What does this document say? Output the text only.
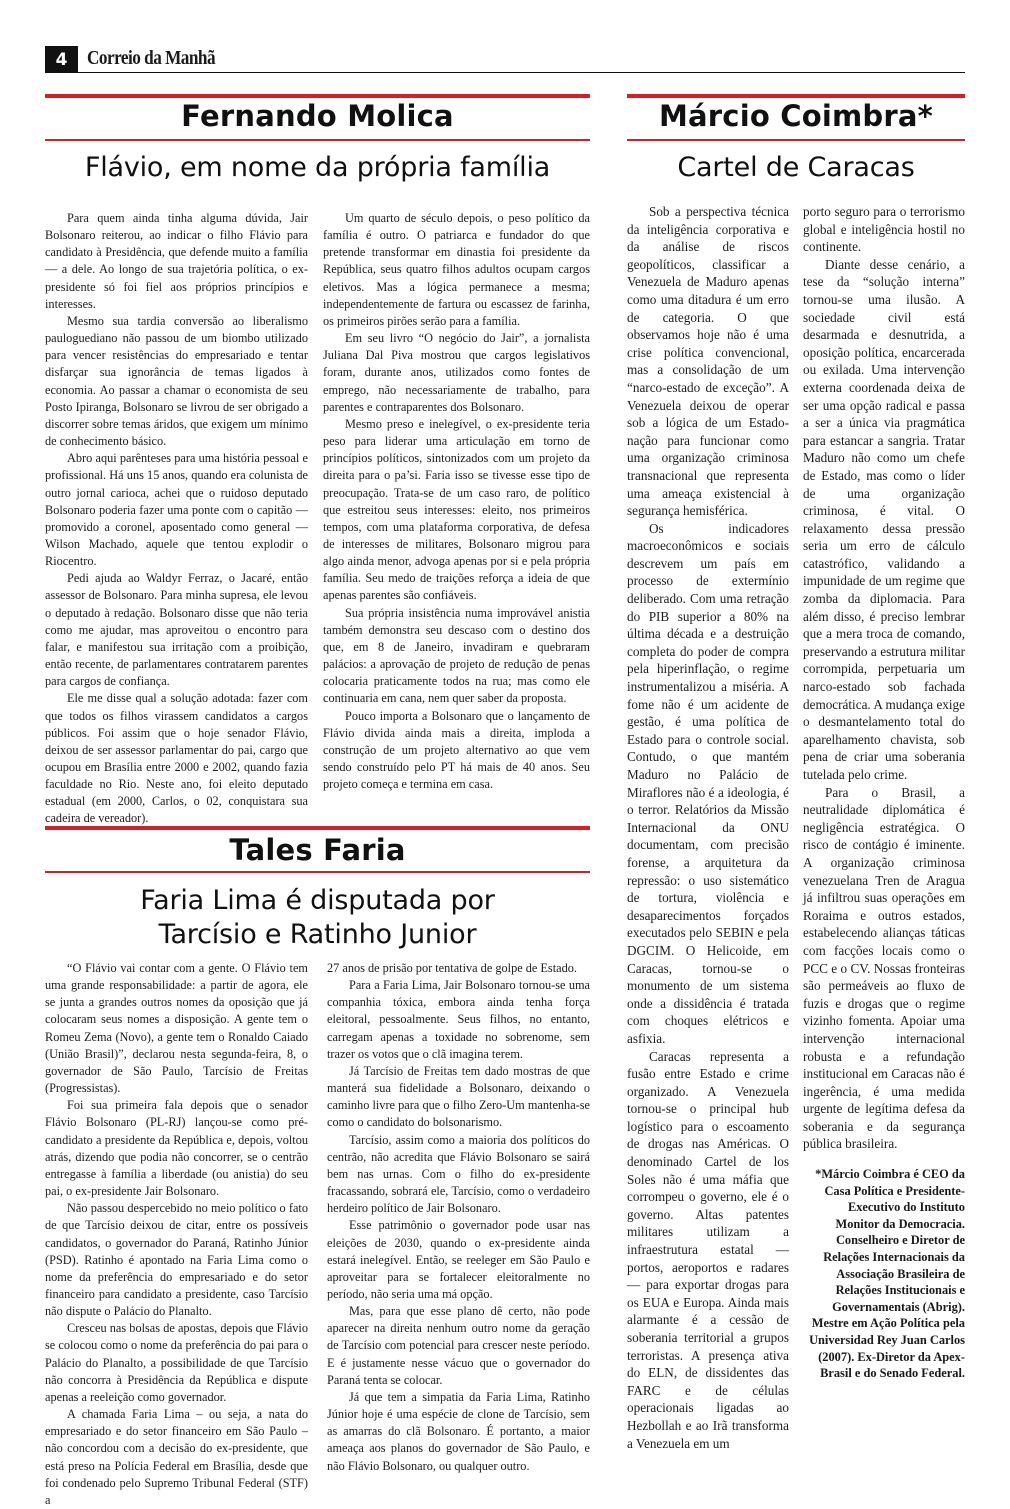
4 Correio da Manhã
Fernando Molica
Flávio, em nome da própria família

Para quem ainda tinha alguma dúvida, Jair Bolsonaro reiterou, ao indicar o filho Flávio para candidato à Presidência, que defende muito a família — a dele. Ao longo de sua trajetória política, o ex-presidente só foi fiel aos próprios princípios e interesses.

Mesmo sua tardia conversão ao liberalismo paulog​uediano não passou de um biombo utilizado para vencer resistências do empresariado e tentar disfarçar sua ignorância de temas ligados à economia. Ao passar a chamar o economista de seu Posto Ipiranga, Bolsonaro se livrou de ser obrigado a discorrer sobre temas áridos, que exigem um mínimo de conhecimento básico.

Abro aqui parênteses para uma história pessoal e profissional. Há uns 15 anos, quando era colunista de outro jornal carioca, achei que o ruidoso deputado Bolsonaro poderia fazer uma ponte com o capitão — promovido a coronel, aposentado como general — Wilson Machado, aquele que tentou explodir o Riocentro.

Pedi ajuda ao Waldyr Ferraz, o Jacaré, então assessor de Bolsonaro. Para minha supresa, ele levou o deputado à redação. Bolsonaro disse que não teria como me ajudar, mas aproveitou o encontro para falar, e manifestou sua irritação com a proibição, então recente, de parlamentares contratarem parentes para cargos de confiança.

Ele me disse qual a solução adotada: fazer com que todos os filhos virassem candidatos a cargos públicos. Foi assim que o hoje senador Flávio, deixou de ser assessor parlamentar do pai, cargo que ocupou em Brasília entre 2000 e 2002, quando fazia faculdade no Rio. Neste ano, foi eleito deputado estadual (em 2000, Carlos, o 02, conquistara sua cadeira de vereador).

Um quarto de século depois, o peso político da família é outro. O patriarca e fundador do que pretende transformar em dinastia foi presidente da República, seus quatro filhos adultos ocupam cargos eletivos. Mas a lógica permanece a mesma; independentemente de fartura ou escassez de farinha, os primeiros pirões serão para a família.

Em seu livro “O negócio do Jair”, a jornalista Juliana Dal Piva mostrou que cargos legislativos foram, durante anos, utilizados como fontes de emprego, não necessariamente de trabalho, para parentes e contraparentes dos Bolsonaro.

Mesmo preso e inelegível, o ex-presidente teria peso para liderar uma articulação em torno de princípios políticos, sintonizados com um projeto da direita para o pa’si. Faria isso se tivesse esse tipo de preocupação. Trata-se de um caso raro, de político que estreitou seus interesses: eleito, nos primeiros tempos, com uma plataforma corporativa, de defesa de interesses de militares, Bolsonaro migrou para algo ainda menor, advoga apenas por si e pela própria família. Seu medo de traições reforça a ideia de que apenas parentes são confiáveis.

Sua própria insistência numa improvável anistia também demonstra seu descaso com o destino dos que, em 8 de Janeiro, invadiram e quebraram palácios: a aprovação de projeto de redução de penas colocaria praticamente todos na rua; mas como ele continuaria em cana, nem quer saber da proposta.

Pouco importa a Bolsonaro que o lançamento de Flávio divida ainda mais a direita, imploda a construção de um projeto alternativo ao que vem sendo construído pelo PT há mais de 40 anos. Seu projeto começa e termina em casa.

Tales Faria
Faria Lima é disputada por Tarcísio e Ratinho Junior

“O Flávio vai contar com a gente. O Flávio tem uma grande responsabilidade: a partir de agora, ele se junta a grandes outros nomes da oposição que já colocaram seus nomes a disposição. A gente tem o Romeu Zema (Novo), a gente tem o Ronaldo Caiado (União Brasil)”, declarou nesta segunda-feira, 8, o governador de São Paulo, Tarcísio de Freitas (Progressistas).

Foi sua primeira fala depois que o senador Flávio Bolsonaro (PL-RJ) lançou-se como pré-candidato a presidente da República e, depois, voltou atrás, dizendo que podia não concorrer, se o centrão entregasse à família a liberdade (ou anistia) do seu pai, o ex-presidente Jair Bolsonaro.

Não passou despercebido no meio político o fato de que Tarcísio deixou de citar, entre os possíveis candidatos, o governador do Paraná, Ratinho Júnior (PSD). Ratinho é apontado na Faria Lima como o nome da preferência do empresariado e do setor financeiro para candidato a presidente, caso Tarcísio não dispute o Palácio do Planalto.

Cresceu nas bolsas de apostas, depois que Flávio se colocou como o nome da preferência do pai para o Palácio do Planalto, a possibilidade de que Tarcísio não concorra à Presidência da República e dispute apenas a reeleição como governador.

A chamada Faria Lima – ou seja, a nata do empresariado e do setor financeiro em São Paulo – não concordou com a decisão do ex-presidente, que está preso na Polícia Federal em Brasília, desde que foi condenado pelo Supremo Tribunal Federal (STF) a

27 anos de prisão por tentativa de golpe de Estado.

Para a Faria Lima, Jair Bolsonaro tornou-se uma companhia tóxica, embora ainda tenha força eleitoral, pessoalmente. Seus filhos, no entanto, carregam apenas a toxidade no sobrenome, sem trazer os votos que o clã imagina terem.

Já Tarcísio de Freitas tem dado mostras de que manterá sua fidelidade a Bolsonaro, deixando o caminho livre para que o filho Zero-Um mantenha-se como o candidato do bolsonarismo.

Tarcísio, assim como a maioria dos políticos do centrão, não acredita que Flávio Bolsonaro se sairá bem nas urnas. Com o filho do ex-presidente fracassando, sobrará ele, Tarcísio, como o verdadeiro herdeiro político de Jair Bolsonaro.

Esse patrimônio o governador pode usar nas eleições de 2030, quando o ex-presidente ainda estará inelegível. Então, se reeleger em São Paulo e aproveitar para se fortalecer eleitoralmente no período, não seria uma má opção.

Mas, para que esse plano dê certo, não pode aparecer na direita nenhum outro nome da geração de Tarcísio com potencial para crescer neste período. E é justamente nesse vácuo que o governador do Paraná tenta se colocar.

Já que tem a simpatia da Faria Lima, Ratinho Júnior hoje é uma espécie de clone de Tarcísio, sem as amarras do clã Bolsonaro. É portanto, a maior ameaça aos planos do governador de São Paulo, e não Flávio Bolsonaro, ou qualquer outro.

Márcio Coimbra*
Cartel de Caracas

Sob a perspectiva técnica da inteligência corporativa e da análise de riscos geopolíticos, classificar a Venezuela de Maduro apenas como uma ditadura é um erro de categoria. O que observamos hoje não é uma crise política convencional, mas a consolidação de um “narco-estado de exceção”. A Venezuela deixou de operar sob a lógica de um Estado-nação para funcionar como uma organização criminosa transnacional que representa uma ameaça existencial à segurança hemisférica.

Os indicadores macroeconômicos e sociais descrevem um país em processo de extermínio deliberado. Com uma retração do PIB superior a 80% na última década e a destruição completa do poder de compra pela hiperinflação, o regime instrumentalizou a miséria. A fome não é um acidente de gestão, é uma política de Estado para o controle social. Contudo, o que mantém Maduro no Palácio de Miraflores não é a ideologia, é o terror. Relatórios da Missão Internacional da ONU documentam, com precisão forense, a arquitetura da repressão: o uso sistemático de tortura, violência e desaparecimentos forçados executados pelo SEBIN e pela DGCIM. O Helicoide, em Caracas, tornou-se o monumento de um sistema onde a dissidência é tratada com choques elétricos e asfixia.

Caracas representa a fusão entre Estado e crime organizado. A Venezuela tornou-se o principal hub logístico para o escoamento de drogas nas Américas. O denominado Cartel de los Soles não é uma máfia que corrompeu o governo, ele é o governo. Altas patentes militares utilizam a infraestrutura estatal — portos, aeroportos e radares — para exportar drogas para os EUA e Europa. Ainda mais alarmante é a cessão de soberania territorial a grupos terroristas. A presença ativa do ELN, de dissidentes das FARC e de células operacionais ligadas ao Hezbollah e ao Irã transforma a Venezuela em um

porto seguro para o terrorismo global e inteligência hostil no continente.

Diante desse cenário, a tese da “solução interna” tornou-se uma ilusão. A sociedade civil está desarmada e desnutrida, a oposição política, encarcerada ou exilada. Uma intervenção externa coordenada deixa de ser uma opção radical e passa a ser a única via pragmática para estancar a sangria. Tratar Maduro não como um chefe de Estado, mas como o líder de uma organização criminosa, é vital. O relaxamento dessa pressão seria um erro de cálculo catastrófico, validando a impunidade de um regime que zomba da diplomacia. Para além disso, é preciso lembrar que a mera troca de comando, preservando a estrutura militar corrompida, perpetuaria um narco-estado sob fachada democrática. A mudança exige o desmantelamento total do aparelhamento chavista, sob pena de criar uma soberania tutelada pelo crime.

Para o Brasil, a neutralidade diplomática é negligência estratégica. O risco de contágio é iminente. A organização criminosa venezuelana Tren de Aragua já infiltrou suas operações em Roraima e outros estados, estabelecendo alianças táticas com facções locais como o PCC e o CV. Nossas fronteiras são permeáveis ao fluxo de fuzis e drogas que o regime vizinho fomenta. Apoiar uma intervenção internacional robusta e a refundação institucional em Caracas não é ingerência, é uma medida urgente de legítima defesa da soberania e da segurança pública brasileira.

*Márcio Coimbra é CEO da Casa Política e Presidente-Executivo do Instituto Monitor da Democracia. Conselheiro e Diretor de Relações Internacionais da Associação Brasileira de Relações Institucionais e Governamentais (Abrig). Mestre em Ação Política pela Universidad Rey Juan Carlos (2007). Ex-Diretor da Apex-Brasil e do Senado Federal.
